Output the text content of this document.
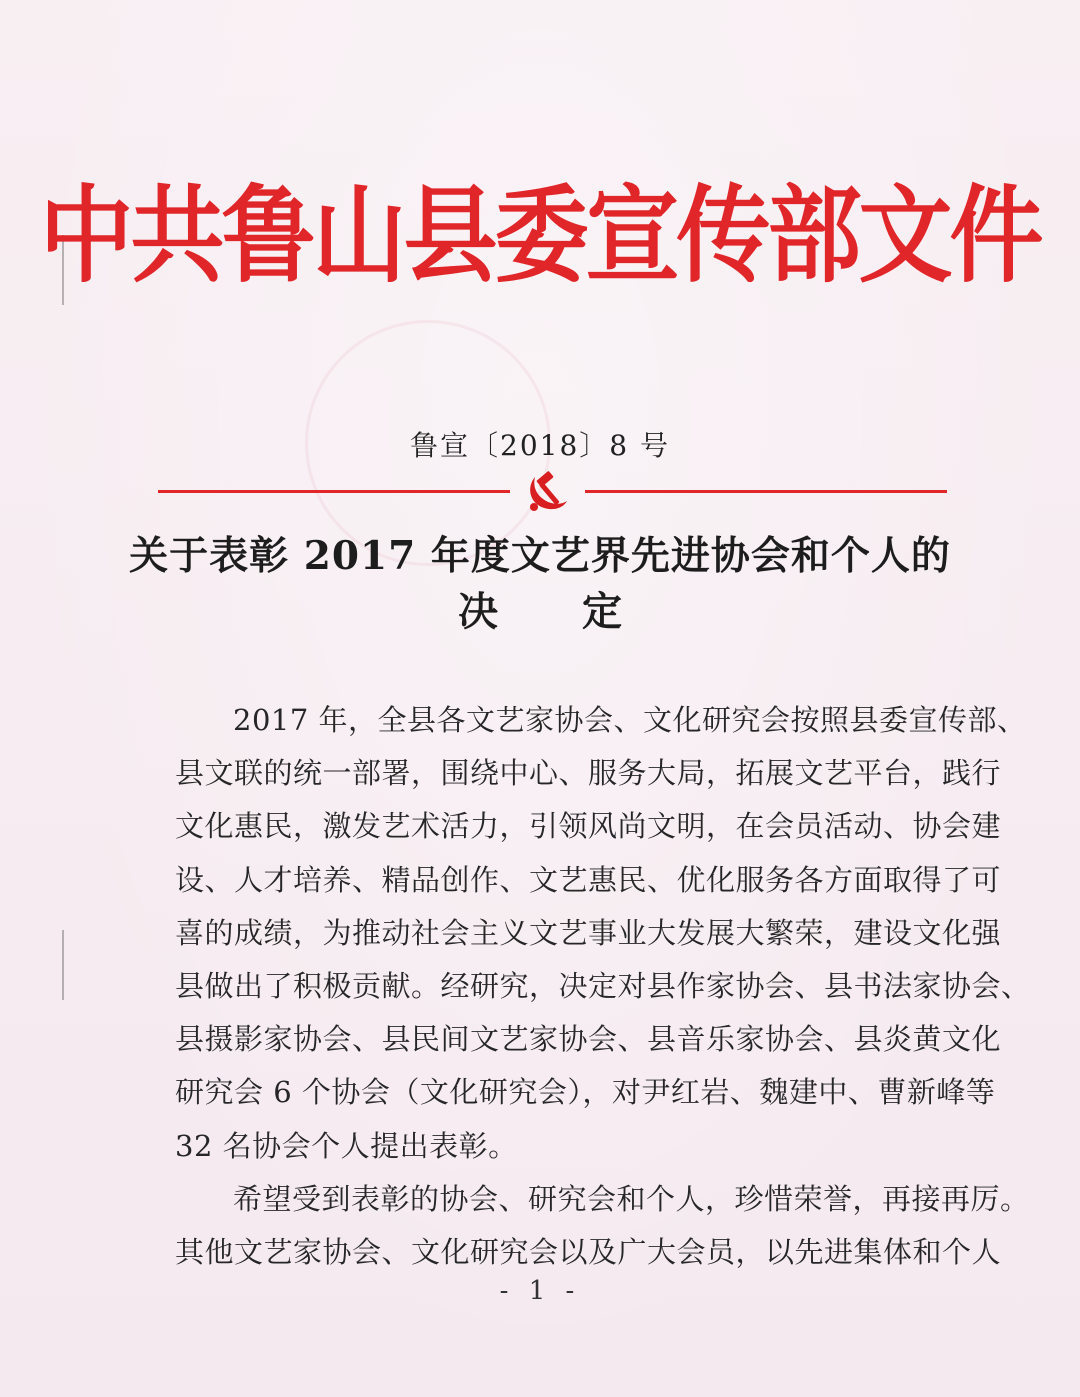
中共鲁山县委宣传部文件
鲁宣〔2018〕8 号
关于表彰 2017 年度文艺界先进协会和个人的
决 定
2017 年，全县各文艺家协会、文化研究会按照县委宣传部、
县文联的统一部署，围绕中心、服务大局，拓展文艺平台，践行
文化惠民，激发艺术活力，引领风尚文明，在会员活动、协会建
设、人才培养、精品创作、文艺惠民、优化服务各方面取得了可
喜的成绩，为推动社会主义文艺事业大发展大繁荣，建设文化强
县做出了积极贡献。经研究，决定对县作家协会、县书法家协会、
县摄影家协会、县民间文艺家协会、县音乐家协会、县炎黄文化
研究会 6 个协会（文化研究会），对尹红岩、魏建中、曹新峰等
32 名协会个人提出表彰。
希望受到表彰的协会、研究会和个人，珍惜荣誉，再接再厉。
其他文艺家协会、文化研究会以及广大会员，以先进集体和个人
- 1 -
